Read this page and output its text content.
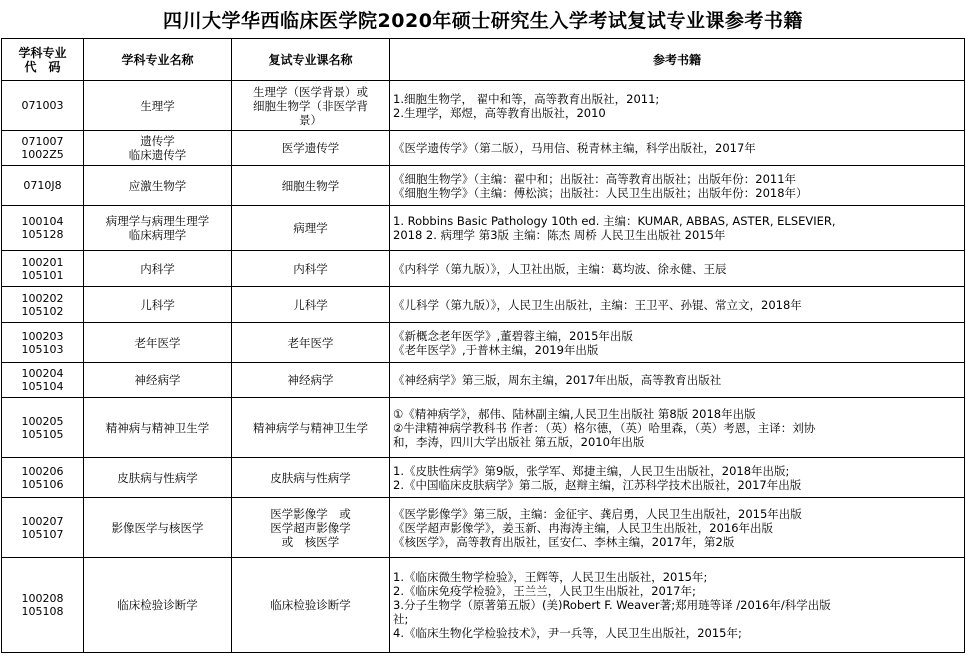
四川大学华西临床医学院2020年硕士研究生入学考试复试专业课参考书籍
学科专业
代　码	学科专业名称	复试专业课名称	参考书籍

071003	生理学	生理学（医学背景）或
细胞生物学（非医学背
景）	1.细胞生物学， 翟中和等，高等教育出版社，2011;
2.生理学，郑煜，高等教育出版社，2010

071007
1002Z5	遗传学
临床遗传学	医学遗传学	《医学遗传学》（第二版），马用信、税青林主编，科学出版社，2017年

0710J8	应激生物学	细胞生物学	《细胞生物学》（主编：翟中和；出版社：高等教育出版社；出版年份：2011年
《细胞生物学》（主编：傅松滨；出版社：人民卫生出版社；出版年份：2018年）

100104
105128	病理学与病理生理学
临床病理学	病理学	1. Robbins Basic Pathology 10th ed. 主编：KUMAR, ABBAS, ASTER, ELSEVIER,
2018 2. 病理学 第3版 主编：陈杰 周桥 人民卫生出版社 2015年

100201
105101	内科学	内科学	《内科学（第九版）》，人卫社出版，主编：葛均波、徐永健、王辰

100202
105102	儿科学	儿科学	《儿科学（第九版）》，人民卫生出版社，主编：王卫平、孙锟、常立文，2018年

100203
105103	老年医学	老年医学	《新概念老年医学》,董碧蓉主编，2015年出版
《老年医学》,于普林主编，2019年出版

100204
105104	神经病学	神经病学	《神经病学》第三版，周东主编，2017年出版，高等教育出版社

100205
105105	精神病与精神卫生学	精神病学与精神卫生学	①《精神病学》，郝伟、陆林副主编,人民卫生出版社 第8版 2018年出版
②牛津精神病学教科书 作者：（英）格尔德，（英）哈里森，（英）考恩，主译：刘协
和，李涛，四川大学出版社 第五版，2010年出版

100206
105106	皮肤病与性病学	皮肤病与性病学	1.《皮肤性病学》第9版，张学军、郑捷主编，人民卫生出版社，2018年出版;
2.《中国临床皮肤病学》第二版，赵辩主编，江苏科学技术出版社，2017年出版

100207
105107	影像医学与核医学	医学影像学　或
医学超声影像学
或　核医学	《医学影像学》第三版，主编：金征宇、龚启勇，人民卫生出版社，2015年出版
《医学超声影像学》，姜玉新、冉海涛主编，人民卫生出版社，2016年出版
《核医学》，高等教育出版社，匡安仁、李林主编，2017年，第2版

100208
105108	临床检验诊断学	临床检验诊断学	1.《临床微生物学检验》，王辉等，人民卫生出版社，2015年;
2.《临床免疫学检验》，王兰兰，人民卫生出版社，2017年;
3.分子生物学（原著第五版）(美)Robert F. Weaver著;郑用琏等译 /2016年/科学出版
社;
4.《临床生物化学检验技术》，尹一兵等，人民卫生出版社，2015年;
